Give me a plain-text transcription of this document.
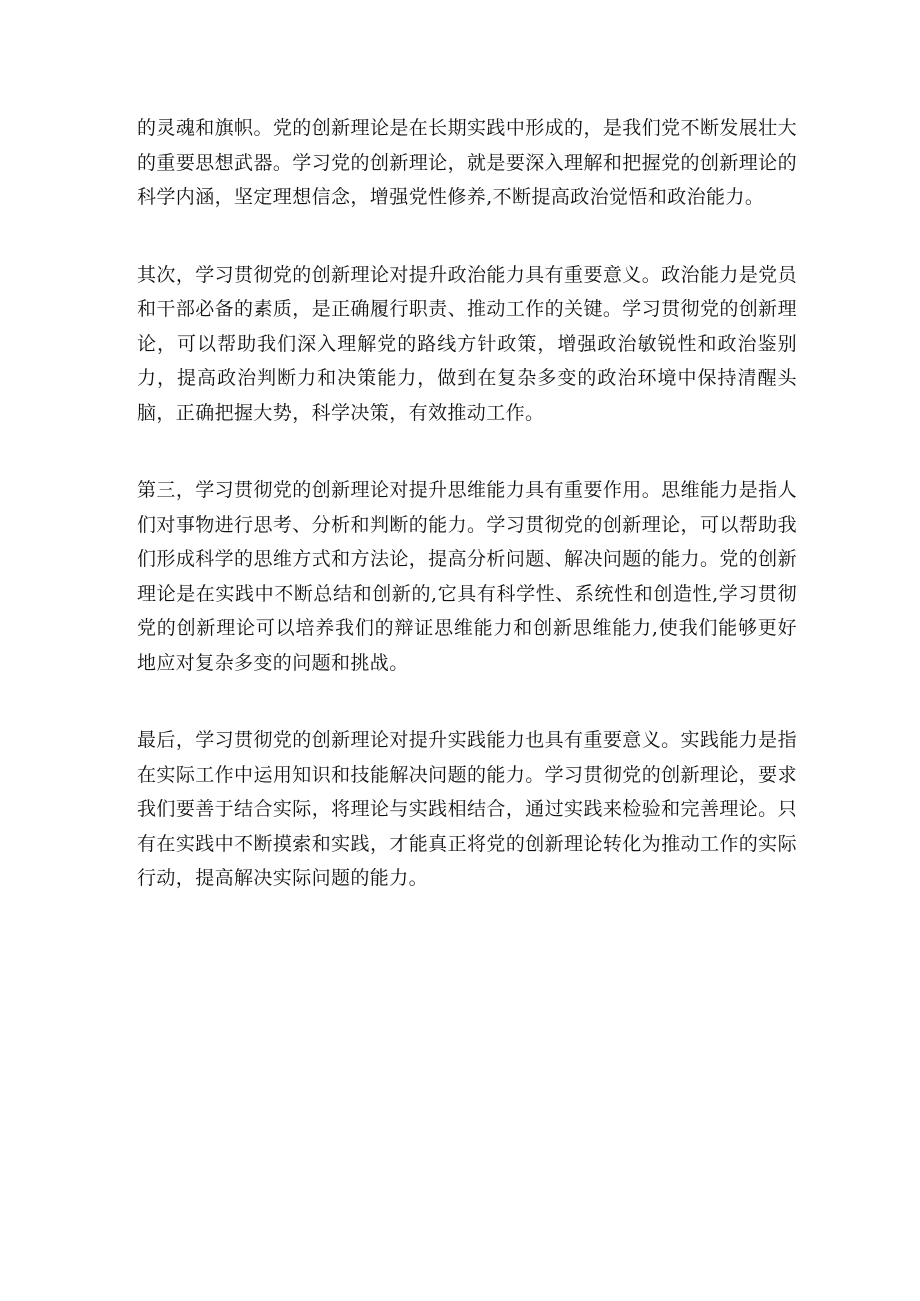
的灵魂和旗帜。党的创新理论是在长期实践中形成的，是我们党不断发展壮大的重要思想武器。学习党的创新理论，就是要深入理解和把握党的创新理论的科学内涵，坚定理想信念，增强党性修养,不断提高政治觉悟和政治能力。

其次，学习贯彻党的创新理论对提升政治能力具有重要意义。政治能力是党员和干部必备的素质，是正确履行职责、推动工作的关键。学习贯彻党的创新理论，可以帮助我们深入理解党的路线方针政策，增强政治敏锐性和政治鉴别力，提高政治判断力和决策能力，做到在复杂多变的政治环境中保持清醒头脑，正确把握大势，科学决策，有效推动工作。

第三，学习贯彻党的创新理论对提升思维能力具有重要作用。思维能力是指人们对事物进行思考、分析和判断的能力。学习贯彻党的创新理论，可以帮助我们形成科学的思维方式和方法论，提高分析问题、解决问题的能力。党的创新理论是在实践中不断总结和创新的,它具有科学性、系统性和创造性,学习贯彻党的创新理论可以培养我们的辩证思维能力和创新思维能力,使我们能够更好地应对复杂多变的问题和挑战。

最后，学习贯彻党的创新理论对提升实践能力也具有重要意义。实践能力是指在实际工作中运用知识和技能解决问题的能力。学习贯彻党的创新理论，要求我们要善于结合实际，将理论与实践相结合，通过实践来检验和完善理论。只有在实践中不断摸索和实践，才能真正将党的创新理论转化为推动工作的实际行动，提高解决实际问题的能力。
